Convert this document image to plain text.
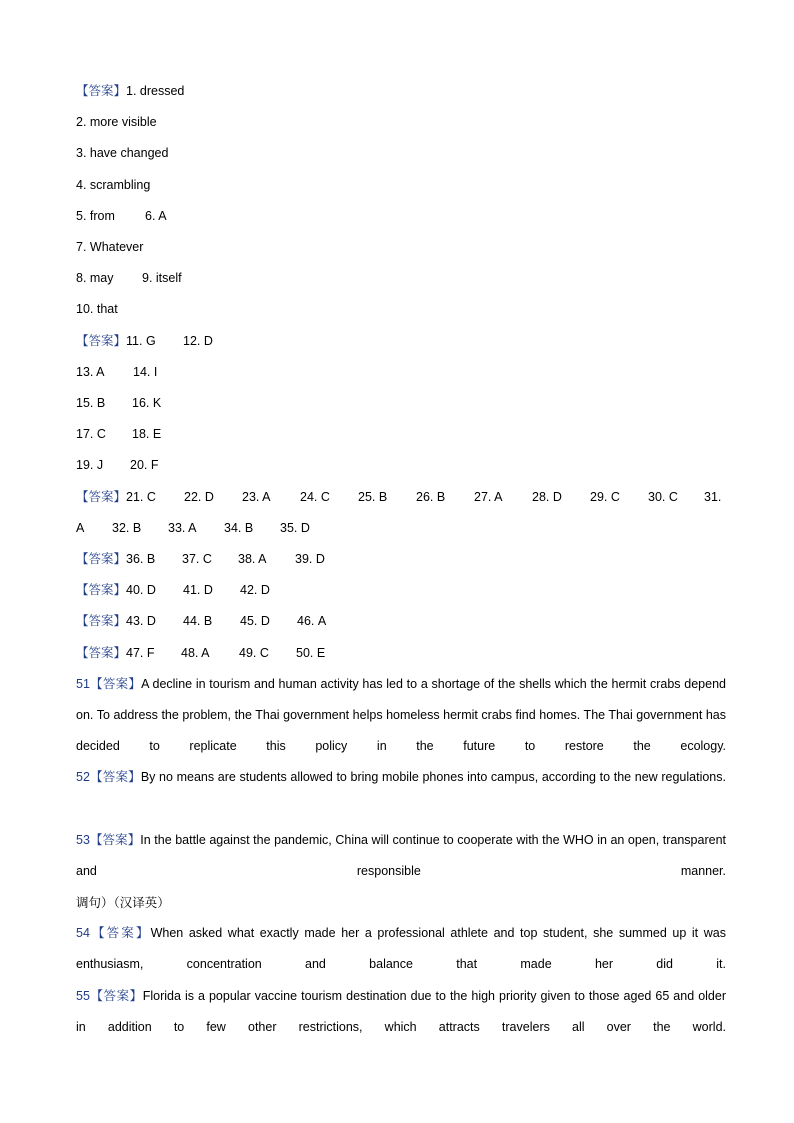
【答案】1. dressed
2. more visible
3. have changed
4. scrambling
5. from 6. A
7. Whatever
8. may 9. itself
10. that
【答案】11. G 12. D
13. A 14. I
15. B 16. K
17. C 18. E
19. J 20. F
【答案】21. C 22. D 23. A 24. C 25. B 26. B 27. A 28. D 29. C 30. C 31.
A 32. B 33. A 34. B 35. D
【答案】36. B 37. C 38. A 39. D
【答案】40. D 41. D 42. D
【答案】43. D 44. B 45. D 46. A
【答案】47. F 48. A 49. C 50. E
51【答案】A decline in tourism and human activity has led to a shortage of the shells which the hermit crabs depend on. To address the problem, the Thai government helps homeless hermit crabs find homes. The Thai government has decided to replicate this policy in the future to restore the ecology.
52【答案】By no means are students allowed to bring mobile phones into campus, according to the new regulations.
53【答案】In the battle against the pandemic, China will continue to cooperate with the WHO in an open, transparent and responsible manner.
调句）（汉译英）
54【答案】When asked what exactly made her a professional athlete and top student, she summed up it was enthusiasm, concentration and balance that made her did it.
55【答案】Florida is a popular vaccine tourism destination due to the high priority given to those aged 65 and older in addition to few other restrictions, which attracts travelers all over the world.
